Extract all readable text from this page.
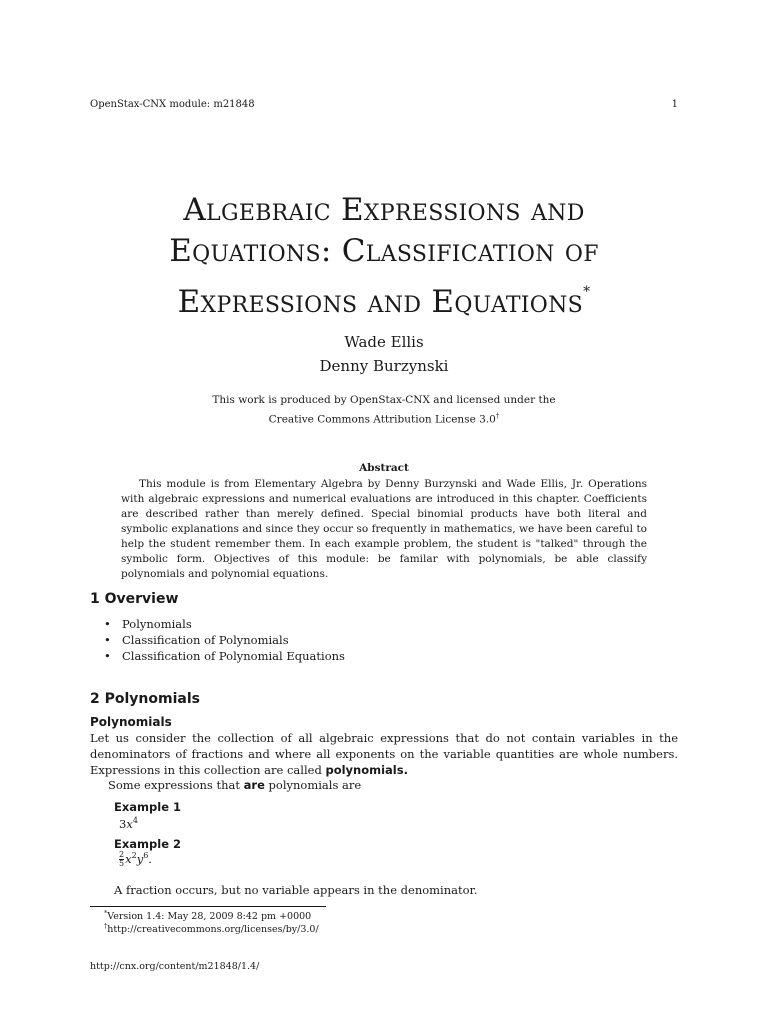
OpenStax-CNX module: m21848	1
Algebraic Expressions and
Equations: Classification of
Expressions and Equations*
Wade Ellis
Denny Burzynski
This work is produced by OpenStax-CNX and licensed under the
Creative Commons Attribution License 3.0†
Abstract

This module is from Elementary Algebra by Denny Burzynski and Wade Ellis, Jr. Operations with algebraic expressions and numerical evaluations are introduced in this chapter. Coefficients are described rather than merely defined. Special binomial products have both literal and symbolic explanations and since they occur so frequently in mathematics, we have been careful to help the student remember them. In each example problem, the student is "talked" through the symbolic form. Objectives of this module: be familar with polynomials, be able classify polynomials and polynomial equations.

1 Overview
• Polynomials
• Classification of Polynomials
• Classification of Polynomial Equations
2 Polynomials
Polynomials

Let us consider the collection of all algebraic expressions that do not contain variables in the denominators of fractions and where all exponents on the variable quantities are whole numbers. Expressions in this collection are called polynomials.

Some expressions that are polynomials are
Example 1
$3x^4$
Example 2
$\frac{2}{5} x^2y^6$.
A fraction occurs, but no variable appears in the denominator.
*Version 1.4: May 28, 2009 8:42 pm +0000
†http://creativecommons.org/licenses/by/3.0/
http://cnx.org/content/m21848/1.4/
